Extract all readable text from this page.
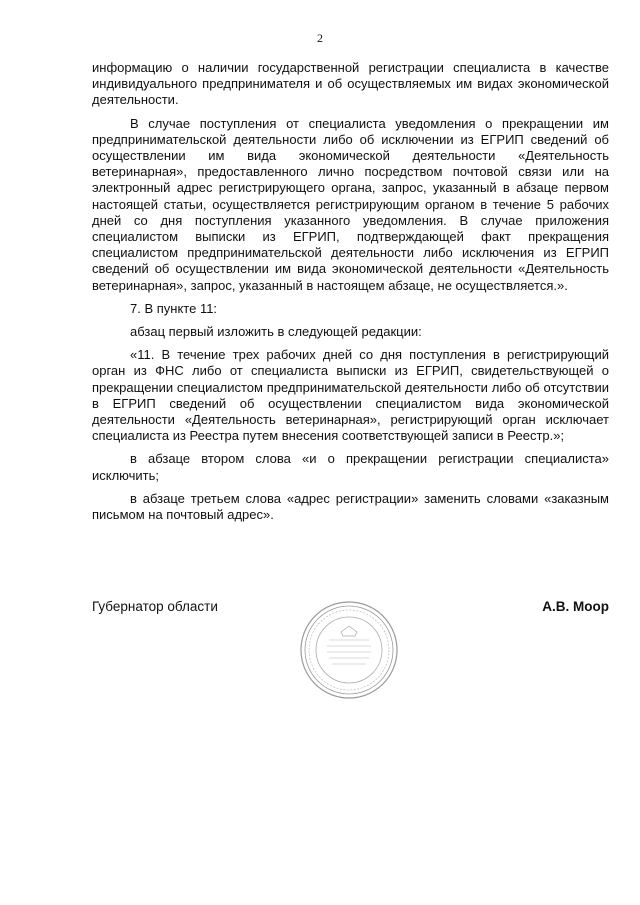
2

информацию о наличии государственной регистрации специалиста в качестве индивидуального предпринимателя и об осуществляемых им видах экономической деятельности.

В случае поступления от специалиста уведомления о прекращении им предпринимательской деятельности либо об исключении из ЕГРИП сведений об осуществлении им вида экономической деятельности «Деятельность ветеринарная», предоставленного лично посредством почтовой связи или на электронный адрес регистрирующего органа, запрос, указанный в абзаце первом настоящей статьи, осуществляется регистрирующим органом в течение 5 рабочих дней со дня поступления указанного уведомления. В случае приложения специалистом выписки из ЕГРИП, подтверждающей факт прекращения специалистом предпринимательской деятельности либо исключения из ЕГРИП сведений об осуществлении им вида экономической деятельности «Деятельность ветеринарная», запрос, указанный в настоящем абзаце, не осуществляется.».

7. В пункте 11:

абзац первый изложить в следующей редакции:

«11. В течение трех рабочих дней со дня поступления в регистрирующий орган из ФНС либо от специалиста выписки из ЕГРИП, свидетельствующей о прекращении специалистом предпринимательской деятельности либо об отсутствии в ЕГРИП сведений об осуществлении специалистом вида экономической деятельности «Деятельность ветеринарная», регистрирующий орган исключает специалиста из Реестра путем внесения соответствующей записи в Реестр.»;

в абзаце втором слова «и о прекращении регистрации специалиста» исключить;

в абзаце третьем слова «адрес регистрации» заменить словами «заказным письмом на почтовый адрес».

Губернатор области	А.В. Моор
